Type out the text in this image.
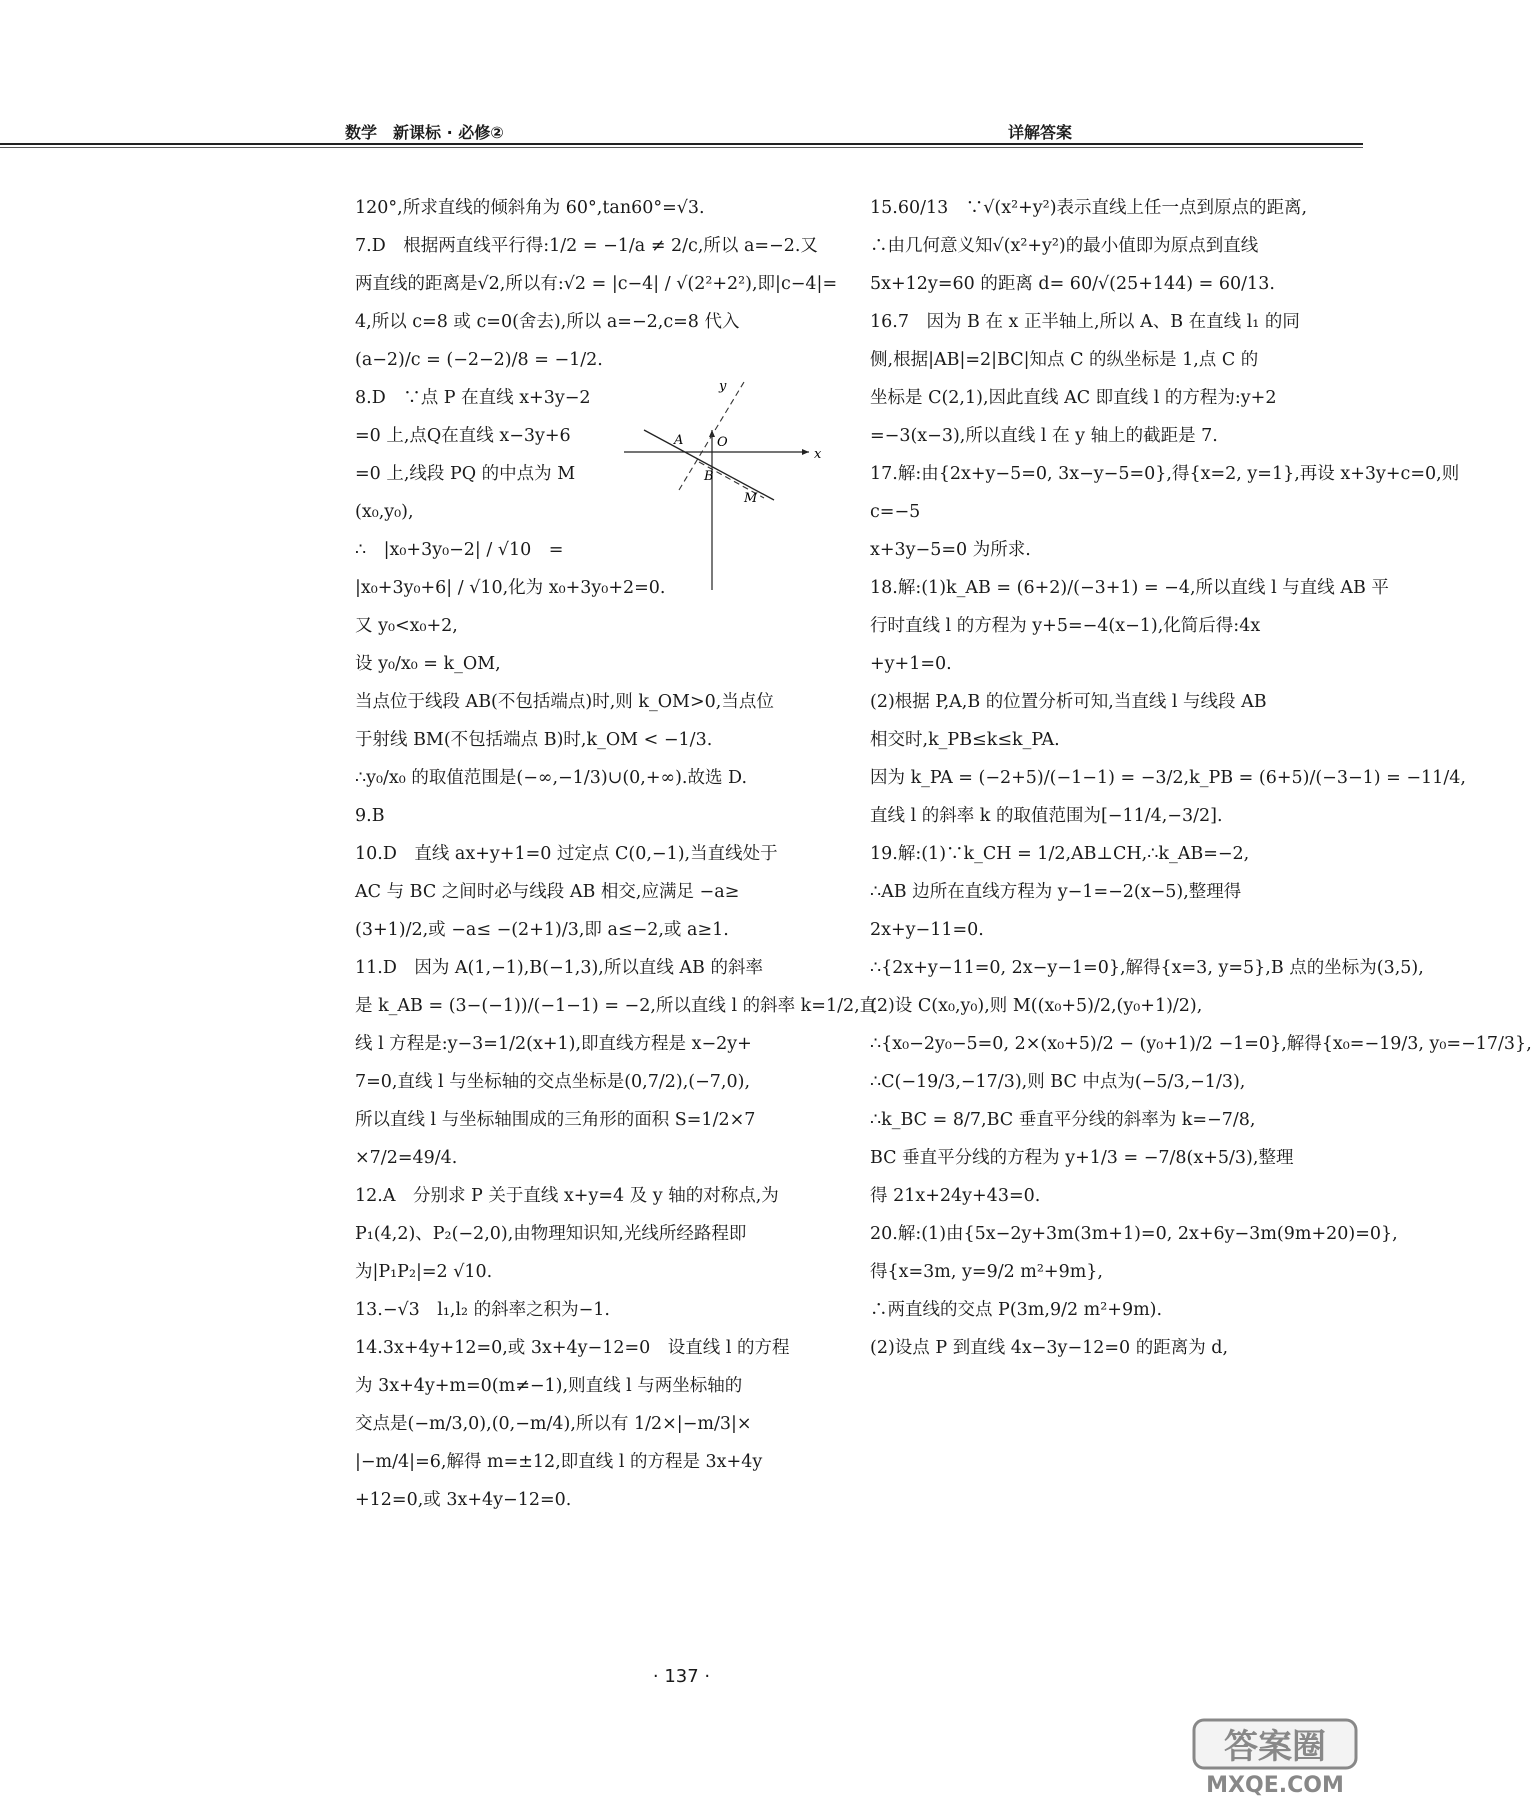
数学　新课标 · 必修②	详解答案
120°,所求直线的倾斜角为 60°,tan60°=√3.
7.D　根据两直线平行得:1/2 = −1/a ≠ 2/c,所以 a=−2.又
两直线的距离是√2,所以有:√2 = |c−4| / √(2²+2²),即|c−4|=
4,所以 c=8 或 c=0(舍去),所以 a=−2,c=8 代入
(a−2)/c = (−2−2)/8 = −1/2.
8.D　∵点 P 在直线 x+3y−2
=0 上,点Q在直线 x−3y+6
=0 上,线段 PQ 的中点为 M
(x₀,y₀),
∴　|x₀+3y₀−2| / √10　=
|x₀+3y₀+6| / √10,化为 x₀+3y₀+2=0.
又 y₀<x₀+2,
设 y₀/x₀ = k_OM,
当点位于线段 AB(不包括端点)时,则 k_OM>0,当点位
于射线 BM(不包括端点 B)时,k_OM < −1/3.
∴y₀/x₀ 的取值范围是(−∞,−1/3)∪(0,+∞).故选 D.
9.B
10.D　直线 ax+y+1=0 过定点 C(0,−1),当直线处于
AC 与 BC 之间时必与线段 AB 相交,应满足 −a≥
(3+1)/2,或 −a≤ −(2+1)/3,即 a≤−2,或 a≥1.
11.D　因为 A(1,−1),B(−1,3),所以直线 AB 的斜率
是 k_AB = (3−(−1))/(−1−1) = −2,所以直线 l 的斜率 k=1/2,直
线 l 方程是:y−3=1/2(x+1),即直线方程是 x−2y+
7=0,直线 l 与坐标轴的交点坐标是(0,7/2),(−7,0),
所以直线 l 与坐标轴围成的三角形的面积 S=1/2×7
×7/2=49/4.
12.A　分别求 P 关于直线 x+y=4 及 y 轴的对称点,为
P₁(4,2)、P₂(−2,0),由物理知识知,光线所经路程即
为|P₁P₂|=2 √10.
13.−√3　l₁,l₂ 的斜率之积为−1.
14.3x+4y+12=0,或 3x+4y−12=0　设直线 l 的方程
为 3x+4y+m=0(m≠−1),则直线 l 与两坐标轴的
交点是(−m/3,0),(0,−m/4),所以有 1/2×|−m/3|×
|−m/4|=6,解得 m=±12,即直线 l 的方程是 3x+4y
+12=0,或 3x+4y−12=0.
15.60/13　∵√(x²+y²)表示直线上任一点到原点的距离,
∴由几何意义知√(x²+y²)的最小值即为原点到直线
5x+12y=60 的距离 d= 60/√(25+144) = 60/13.
16.7　因为 B 在 x 正半轴上,所以 A、B 在直线 l₁ 的同
侧,根据|AB|=2|BC|知点 C 的纵坐标是 1,点 C 的
坐标是 C(2,1),因此直线 AC 即直线 l 的方程为:y+2
=−3(x−3),所以直线 l 在 y 轴上的截距是 7.
17.解:由{2x+y−5=0, 3x−y−5=0},得{x=2, y=1},再设 x+3y+c=0,则
c=−5
x+3y−5=0 为所求.
18.解:(1)k_AB = (6+2)/(−3+1) = −4,所以直线 l 与直线 AB 平
行时直线 l 的方程为 y+5=−4(x−1),化简后得:4x
+y+1=0.
(2)根据 P,A,B 的位置分析可知,当直线 l 与线段 AB
相交时,k_PB≤k≤k_PA.
因为 k_PA = (−2+5)/(−1−1) = −3/2,k_PB = (6+5)/(−3−1) = −11/4,
直线 l 的斜率 k 的取值范围为[−11/4,−3/2].
19.解:(1)∵k_CH = 1/2,AB⊥CH,∴k_AB=−2,
∴AB 边所在直线方程为 y−1=−2(x−5),整理得
2x+y−11=0.
∴{2x+y−11=0, 2x−y−1=0},解得{x=3, y=5},B 点的坐标为(3,5),
(2)设 C(x₀,y₀),则 M((x₀+5)/2,(y₀+1)/2),
∴{x₀−2y₀−5=0, 2×(x₀+5)/2 − (y₀+1)/2 −1=0},解得{x₀=−19/3, y₀=−17/3},
∴C(−19/3,−17/3),则 BC 中点为(−5/3,−1/3),
∴k_BC = 8/7,BC 垂直平分线的斜率为 k=−7/8,
BC 垂直平分线的方程为 y+1/3 = −7/8(x+5/3),整理
得 21x+24y+43=0.
20.解:(1)由{5x−2y+3m(3m+1)=0, 2x+6y−3m(9m+20)=0},
得{x=3m, y=9/2 m²+9m},
∴两直线的交点 P(3m,9/2 m²+9m).
(2)设点 P 到直线 4x−3y−12=0 的距离为 d,
y
x
A	O
B
M
· 137 ·
答案圈
MXQE.COM
